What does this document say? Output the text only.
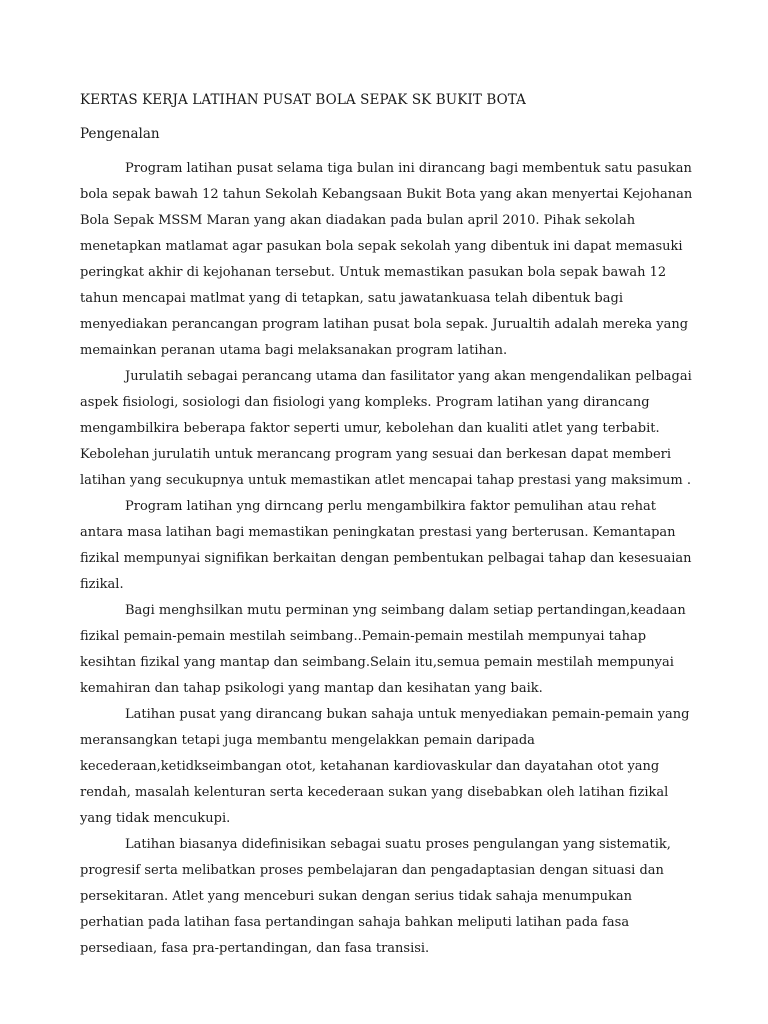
KERTAS KERJA LATIHAN PUSAT BOLA SEPAK SK BUKIT BOTA
Pengenalan

Program latihan pusat selama tiga bulan ini dirancang bagi membentuk satu pasukan bola sepak bawah 12 tahun Sekolah Kebangsaan Bukit Bota yang akan menyertai Kejohanan Bola Sepak MSSM Maran yang akan diadakan pada bulan april 2010. Pihak sekolah menetapkan matlamat agar pasukan bola sepak sekolah yang dibentuk ini dapat memasuki peringkat akhir di kejohanan tersebut. Untuk memastikan pasukan bola sepak bawah 12 tahun mencapai matlmat yang di tetapkan, satu jawatankuasa telah dibentuk bagi menyediakan perancangan program latihan pusat bola sepak. Jurualtih adalah mereka yang memainkan peranan utama bagi melaksanakan program latihan.

Jurulatih sebagai perancang utama dan fasilitator yang akan mengendalikan pelbagai aspek fisiologi, sosiologi dan fisiologi yang kompleks. Program latihan yang dirancang mengambilkira beberapa faktor seperti umur, kebolehan dan kualiti atlet yang terbabit. Kebolehan jurulatih untuk merancang program yang sesuai dan berkesan dapat memberi latihan yang secukupnya untuk memastikan atlet mencapai tahap prestasi yang maksimum .

Program latihan yng dirncang perlu mengambilkira faktor pemulihan atau rehat antara masa latihan bagi memastikan peningkatan prestasi yang berterusan. Kemantapan fizikal mempunyai signifikan berkaitan dengan pembentukan pelbagai tahap dan kesesuaian fizikal.

Bagi menghsilkan mutu perminan yng seimbang dalam setiap pertandingan,keadaan fizikal pemain-pemain mestilah seimbang..Pemain-pemain mestilah mempunyai tahap kesihtan fizikal yang mantap dan seimbang.Selain itu,semua pemain mestilah mempunyai kemahiran dan tahap psikologi yang mantap dan kesihatan yang baik.

Latihan pusat yang dirancang bukan sahaja untuk menyediakan pemain-pemain yang meransangkan tetapi juga membantu mengelakkan pemain daripada kecederaan,ketidkseimbangan otot, ketahanan kardiovaskular dan dayatahan otot yang rendah, masalah kelenturan serta kecederaan sukan yang disebabkan oleh latihan fizikal yang tidak mencukupi.

Latihan biasanya didefinisikan sebagai suatu proses pengulangan yang sistematik, progresif serta melibatkan proses pembelajaran dan pengadaptasian dengan situasi dan persekitaran. Atlet yang menceburi sukan dengan serius tidak sahaja menumpukan perhatian pada latihan fasa pertandingan sahaja bahkan meliputi latihan pada fasa persediaan, fasa pra-pertandingan, dan fasa transisi.
